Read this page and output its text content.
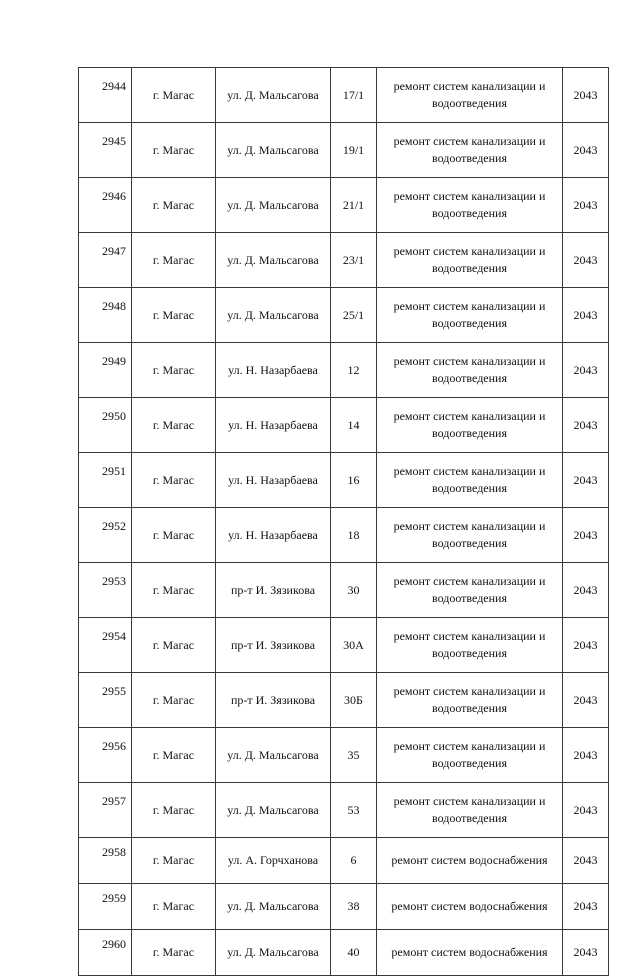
2944	г. Магас	ул. Д. Мальсагова	17/1	ремонт систем канализации и водоотведения	2043
2945	г. Магас	ул. Д. Мальсагова	19/1	ремонт систем канализации и водоотведения	2043
2946	г. Магас	ул. Д. Мальсагова	21/1	ремонт систем канализации и водоотведения	2043
2947	г. Магас	ул. Д. Мальсагова	23/1	ремонт систем канализации и водоотведения	2043
2948	г. Магас	ул. Д. Мальсагова	25/1	ремонт систем канализации и водоотведения	2043
2949	г. Магас	ул. Н. Назарбаева	12	ремонт систем канализации и водоотведения	2043
2950	г. Магас	ул. Н. Назарбаева	14	ремонт систем канализации и водоотведения	2043
2951	г. Магас	ул. Н. Назарбаева	16	ремонт систем канализации и водоотведения	2043
2952	г. Магас	ул. Н. Назарбаева	18	ремонт систем канализации и водоотведения	2043
2953	г. Магас	пр-т И. Зязикова	30	ремонт систем канализации и водоотведения	2043
2954	г. Магас	пр-т И. Зязикова	30А	ремонт систем канализации и водоотведения	2043
2955	г. Магас	пр-т И. Зязикова	30Б	ремонт систем канализации и водоотведения	2043
2956	г. Магас	ул. Д. Мальсагова	35	ремонт систем канализации и водоотведения	2043
2957	г. Магас	ул. Д. Мальсагова	53	ремонт систем канализации и водоотведения	2043
2958	г. Магас	ул. А. Горчханова	6	ремонт систем водоснабжения	2043
2959	г. Магас	ул. Д. Мальсагова	38	ремонт систем водоснабжения	2043
2960	г. Магас	ул. Д. Мальсагова	40	ремонт систем водоснабжения	2043
